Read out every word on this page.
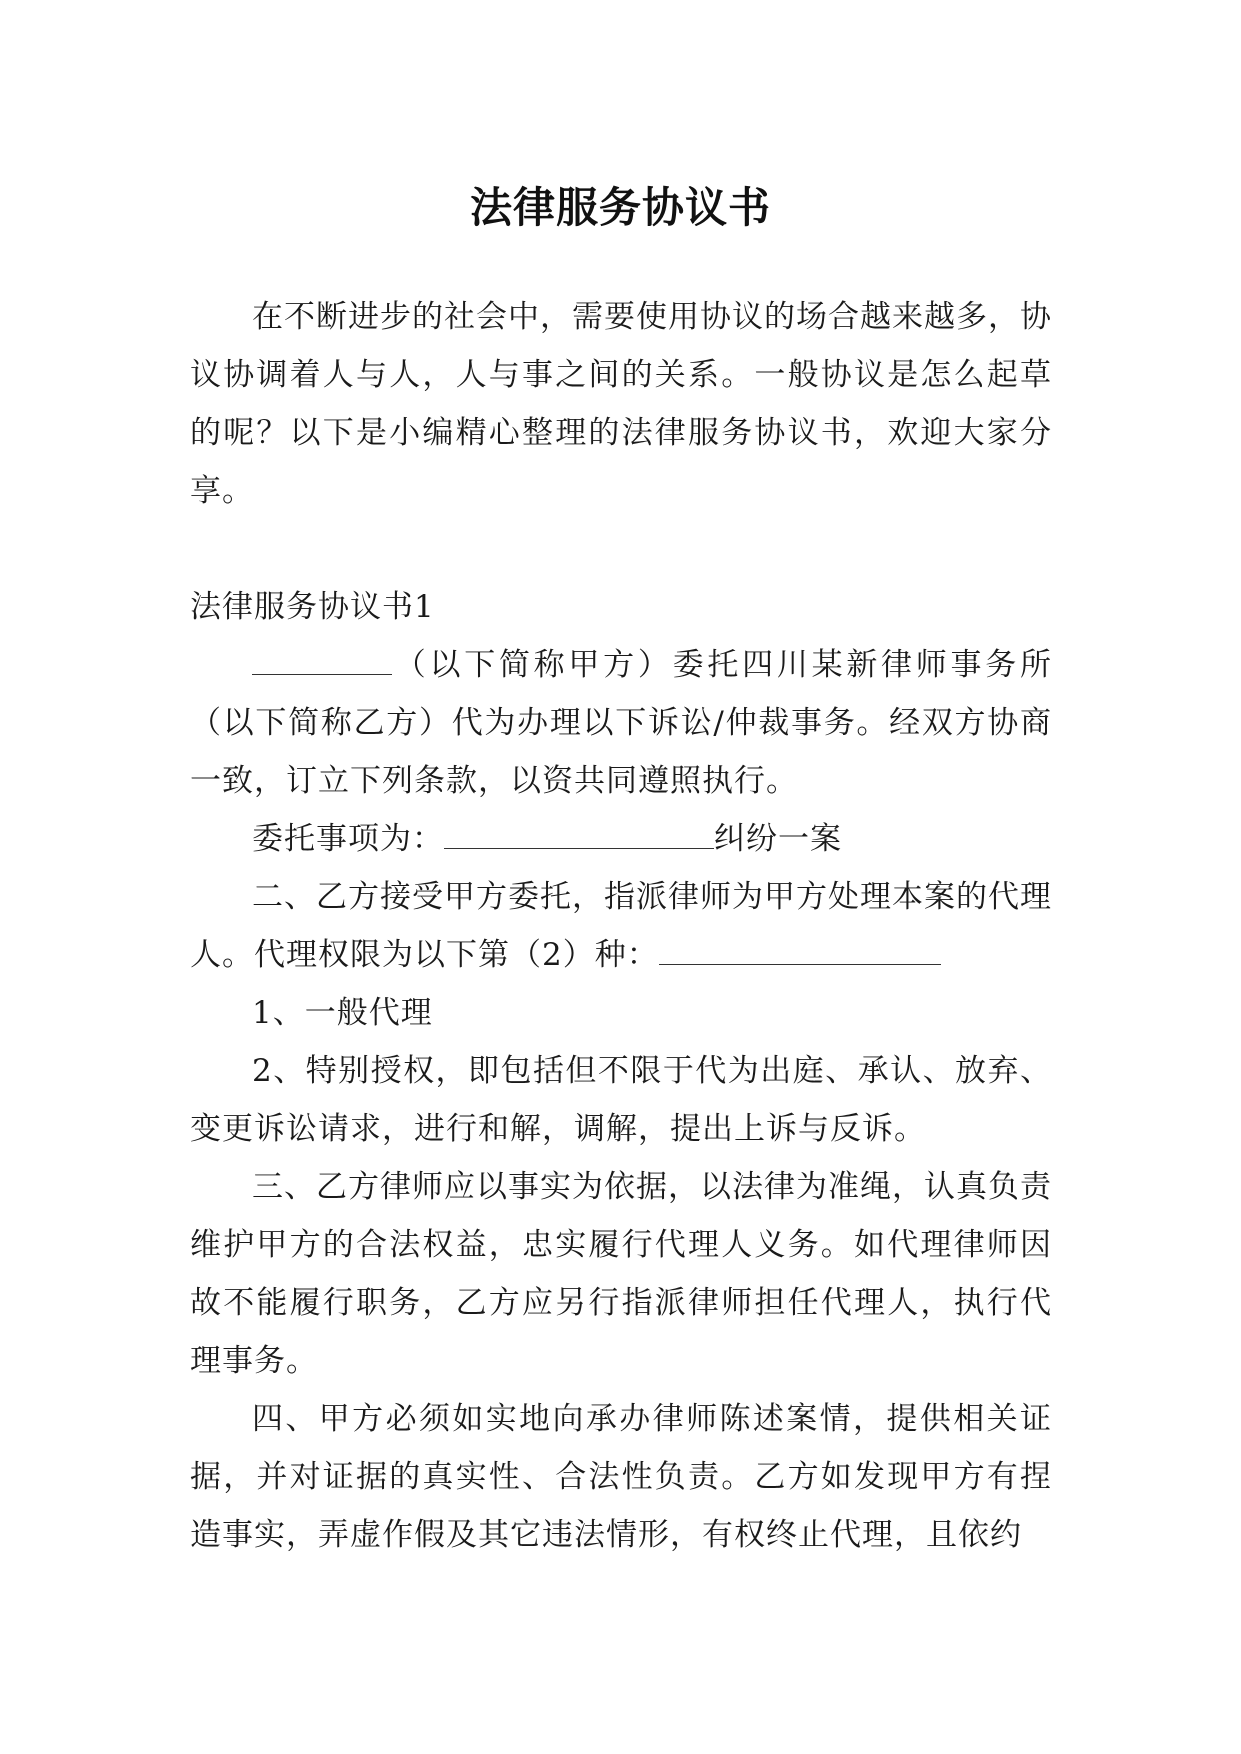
法律服务协议书

在不断进步的社会中，需要使用协议的场合越来越多，协议协调着人与人，人与事之间的关系。一般协议是怎么起草的呢？以下是小编精心整理的法律服务协议书，欢迎大家分享。

法律服务协议书1

（以下简称甲方）委托四川某新律师事务所（以下简称乙方）代为办理以下诉讼/仲裁事务。经双方协商一致，订立下列条款，以资共同遵照执行。

委托事项为：	纠纷一案

二、乙方接受甲方委托，指派律师为甲方处理本案的代理人。代理权限为以下第（2）种：

1、一般代理

2、特别授权，即包括但不限于代为出庭、承认、放弃、变更诉讼请求，进行和解，调解，提出上诉与反诉。

三、乙方律师应以事实为依据，以法律为准绳，认真负责维护甲方的合法权益，忠实履行代理人义务。如代理律师因故不能履行职务，乙方应另行指派律师担任代理人，执行代理事务。

四、甲方必须如实地向承办律师陈述案情，提供相关证据，并对证据的真实性、合法性负责。乙方如发现甲方有捏造事实，弄虚作假及其它违法情形，有权终止代理，且依约
